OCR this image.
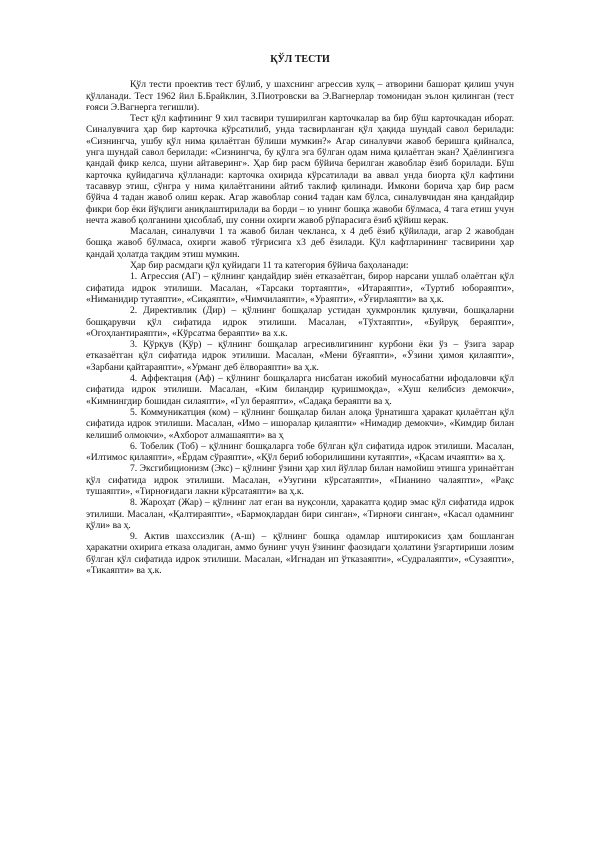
ҚЎЛ ТЕСТИ

Қўл тести проектив тест бўлиб, у шахснинг агрессив хулқ – атворини башорат қилиш учун қўлланади. Тест 1962 йил Б.Брайклин, З.Пиотровски ва Э.Вагнерлар томонидан эълон қилинган (тест ғояси Э.Вагнерга тегишли).

Тест қўл кафтининг 9 хил тасвири туширилган карточкалар ва бир бўш карточкадан иборат. Синалувчига ҳар бир карточка кўрсатилиб, унда тасвирланган қўл ҳақида шундай савол берилади: «Сизнингча, ушбу қўл нима қилаётган бўлиши мумкин?» Агар синалувчи жавоб беришга қийналса, унга шундай савол берилади: «Сизнингча, бу қўлга эга бўлган одам нима қилаётган экан? Ҳаёлингизга қандай фикр келса, шуни айтаверинг». Ҳар бир расм бўйича берилган жавоблар ёзиб борилади. Бўш карточка қуйидагича қўлланади: карточка охирида кўрсатилади ва аввал унда биорта қўл кафтини тасаввур этиш, сўнгра у нима қилаётганини айтиб таклиф қилинади. Имкони борича ҳар бир расм бўйча 4 тадан жавоб олиш керак. Агар жавоблар сони4 тадан кам бўлса, синалувчидан яна қандайдир фикри бор ёки йўқлиги аниқлаштирилади ва борди – ю унинг бошқа жавоби бўлмаса, 4 тага етиш учун нечта жавоб қолганини ҳисоблаб, шу сонни охирги жавоб рўпарасига ёзиб қўйиш керак.

Масалан, синалувчи 1 та жавоб билан чекланса, x 4 деб ёзиб қўйилади, агар 2 жавобдан бошқа жавоб бўлмаса, охирги жавоб тўғрисига x3 деб ёзилади. Қўл кафтларининг тасвирини ҳар қандай ҳолатда тақдим этиш мумкин.

Ҳар бир расмдаги қўл қуйидаги 11 та категория бўйича баҳоланади:

1. Агрессия (АГ) – қўлнинг қандайдир зиён етказаётган, бирор нарсани ушлаб олаётган қўл сифатида идрок этилиши. Масалан, «Тарсаки тортаяпти», «Итараяпти», «Туртиб юбораяпти», «Ниманидир тутаяпти», «Сиқаяпти», «Чимчилаяпти», «Ураяпти», «Ўғирлаяпти» ва ҳ.к.

2. Директивлик (Дир) – қўлнинг бошқалар устидан ҳукмронлик қилувчи, бошқаларни бошқарувчи қўл сифатида идрок этилиши. Масалан, «Тўхтаяпти», «Буйруқ бераяпти», «Огоҳлантираяпти», «Кўрсатма бераяпти» ва х.к.

3. Қўрқув (Қўр) – қўлнинг бошқалар агресивлигининг курбони ёки ўз – ўзига зарар етказаётган қўл сифатида идрок этилиши. Масалан, «Мени бўғаяпти», «Ўзини ҳимоя қилаяпти», «Зарбани қайтараяпти», «Урманг деб ёлвораяпти» ва ҳ.к.

4. Аффектация (Аф) – қўлнинг бошқаларга нисбатан ижобий муносабатни ифодаловчи қўл сифатида идрок этилиши. Масалан, «Ким биландир қуришмоқда», «Хуш келибсиз демокчи», «Кимнингдир бошидан силаяпти», «Гул бераяпти», «Садақа бераяпти ва ҳ.

5. Коммуникатция (ком) – қўлнинг бошқалар билан алоқа ўрнатишга ҳаракат қилаётган қўл сифатида идрок этилиши. Масалан, «Имо – ишоралар қилаяпти» «Нимадир демокчи», «Кимдир билан келишиб олмокчи», «Ахборот алмашаяпти» ва ҳ

6. Тобелик (Тоб) – қўлнинг бошқаларга тобе бўлган қўл сифатида идрок этилиши. Масалан, «Илтимос қилаяпти», «Ёрдам сўраяпти», «Қўл бериб юборилишини кутаяпти», «Қасам ичаяпти» ва ҳ.

7. Эксгибиционизм (Экс) – қўлнинг ўзини ҳар хил йўллар билан намойиш этишга уринаётган қўл сифатида идрок этилиши. Масалан, «Узугини кўрсатаяпти», «Пианино чалаяпти», «Рақс тушаяпти», «Тирноғидаги лакни кўрсатаяпти» ва ҳ.к.

8. Жароҳат (Жар) – қўлнинг лат еган ва нуқсонли, ҳаракатга қодир эмас қўл сифатида идрок этилиши. Масалан, «Қалтираяпти», «Бармоқлардан бири синган», «Тирноғи синган», «Касал одамнинг қўли» ва ҳ.

9. Актив шахссизлик (А-ш) – қўлнинг бошқа одамлар иштирокисиз ҳам бошланган ҳаракатни охирига етказа оладиган, аммо бунинг учун ўзининг фаозидаги ҳолатини ўзгартириши лозим бўлган қўл сифатида идрок этилиши. Масалан, «Игнадан ип ўтказаяпти», «Судралаяпти», «Сузаяпти», «Тикаяпти» ва ҳ.к.
